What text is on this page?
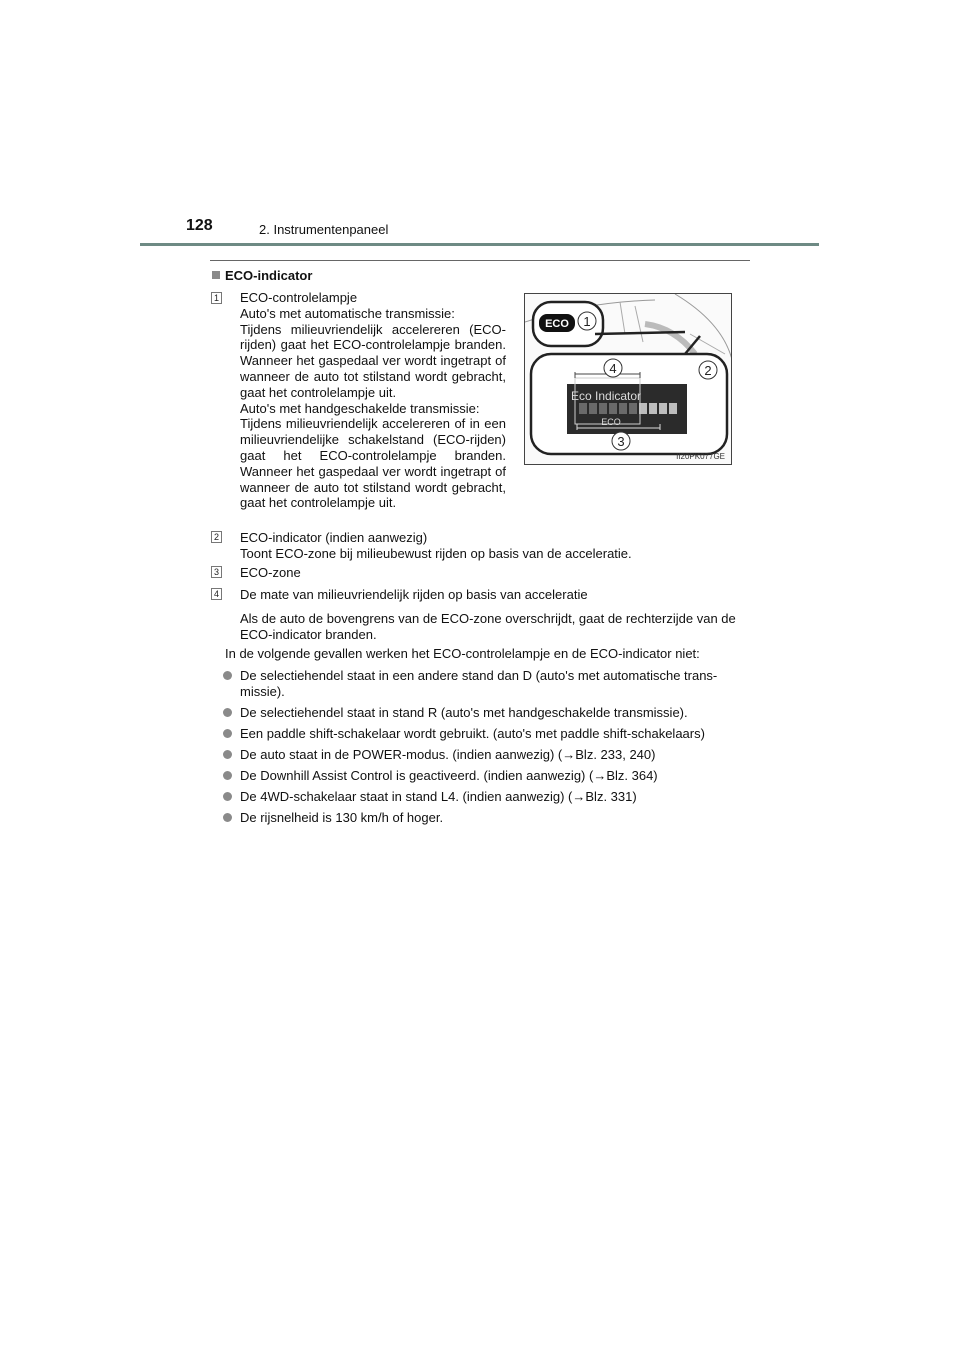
128	2. Instrumentenpaneel
ECO-indicator
1 ECO-controlelampje

Auto's met automatische transmissie:

Tijdens milieuvriendelijk accelereren (ECO-rijden) gaat het ECO-controlelampje branden. Wanneer het gaspedaal ver wordt ingetrapt of wanneer de auto tot stilstand wordt gebracht, gaat het controlelampje uit.

Auto's met handgeschakelde transmissie:

Tijdens milieuvriendelijk accelereren of in een milieuvriendelijke schakelstand (ECO-rijden) gaat het ECO-controlelampje branden. Wanneer het gaspedaal ver wordt ingetrapt of wanneer de auto tot stilstand wordt gebracht, gaat het controlelampje uit.

ECO 1
Eco Indicator
ECO
4	2
3
II20PK077GE
2 ECO-indicator (indien aanwezig)

Toont ECO-zone bij milieubewust rijden op basis van de acceleratie.

3 ECO-zone

4 De mate van milieuvriendelijk rijden op basis van acceleratie

Als de auto de bovengrens van de ECO-zone overschrijdt, gaat de rechterzijde van de ECO-indicator branden.

In de volgende gevallen werken het ECO-controlelampje en de ECO-indicator niet:
De selectiehendel staat in een andere stand dan D (auto's met automatische trans-
missie).
De selectiehendel staat in stand R (auto's met handgeschakelde transmissie).
Een paddle shift-schakelaar wordt gebruikt. (auto's met paddle shift-schakelaars)
De auto staat in de POWER-modus. (indien aanwezig) (→Blz. 233, 240)
De Downhill Assist Control is geactiveerd. (indien aanwezig) (→Blz. 364)
De 4WD-schakelaar staat in stand L4. (indien aanwezig) (→Blz. 331)
De rijsnelheid is 130 km/h of hoger.
